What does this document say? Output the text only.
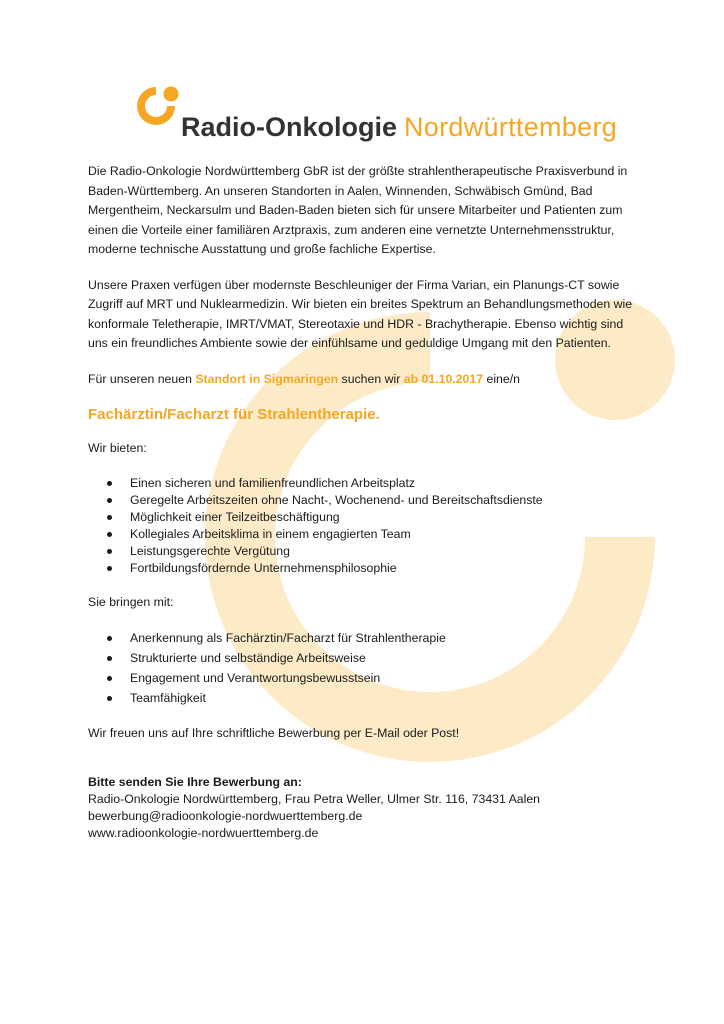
Radio-Onkologie Nordwürttemberg

Die Radio-Onkologie Nordwürttemberg GbR ist der größte strahlentherapeutische Praxisverbund in Baden-Württemberg. An unseren Standorten in Aalen, Winnenden, Schwäbisch Gmünd, Bad Mergentheim, Neckarsulm und Baden-Baden bieten sich für unsere Mitarbeiter und Patienten zum einen die Vorteile einer familiären Arztpraxis, zum anderen eine vernetzte Unternehmensstruktur, moderne technische Ausstattung und große fachliche Expertise.

Unsere Praxen verfügen über modernste Beschleuniger der Firma Varian, ein Planungs-CT sowie Zugriff auf MRT und Nuklearmedizin. Wir bieten ein breites Spektrum an Behandlungsmethoden wie konformale Teletherapie, IMRT/VMAT, Stereotaxie und HDR - Brachytherapie. Ebenso wichtig sind uns ein freundliches Ambiente sowie der einfühlsame und geduldige Umgang mit den Patienten.

Für unseren neuen Standort in Sigmaringen suchen wir ab 01.10.2017 eine/n

Fachärztin/Facharzt für Strahlentherapie.

Wir bieten:

Einen sicheren und familienfreundlichen Arbeitsplatz
Geregelte Arbeitszeiten ohne Nacht-, Wochenend- und Bereitschaftsdienste
Möglichkeit einer Teilzeitbeschäftigung
Kollegiales Arbeitsklima in einem engagierten Team
Leistungsgerechte Vergütung
Fortbildungsfördernde Unternehmensphilosophie

Sie bringen mit:

Anerkennung als Fachärztin/Facharzt für Strahlentherapie
Strukturierte und selbständige Arbeitsweise
Engagement und Verantwortungsbewusstsein
Teamfähigkeit

Wir freuen uns auf Ihre schriftliche Bewerbung per E-Mail oder Post!

Bitte senden Sie Ihre Bewerbung an:

Radio-Onkologie Nordwürttemberg, Frau Petra Weller, Ulmer Str. 116, 73431 Aalen

bewerbung@radioonkologie-nordwuerttemberg.de

www.radioonkologie-nordwuerttemberg.de
